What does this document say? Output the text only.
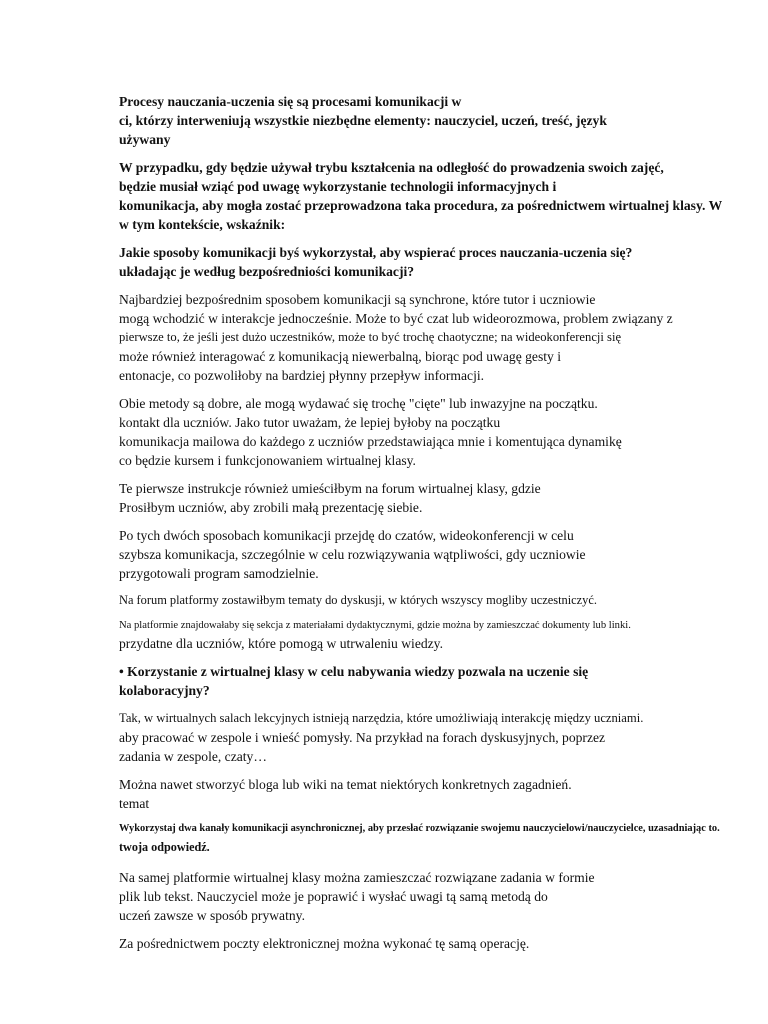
Procesy nauczania-uczenia się są procesami komunikacji w
ci, którzy interweniują wszystkie niezbędne elementy: nauczyciel, uczeń, treść, język
używany
W przypadku, gdy będzie używał trybu kształcenia na odległość do prowadzenia swoich zajęć,
będzie musiał wziąć pod uwagę wykorzystanie technologii informacyjnych i
komunikacja, aby mogła zostać przeprowadzona taka procedura, za pośrednictwem wirtualnej klasy. W
w tym kontekście, wskaźnik:
Jakie sposoby komunikacji byś wykorzystał, aby wspierać proces nauczania-uczenia się?
układając je według bezpośredniości komunikacji?
Najbardziej bezpośrednim sposobem komunikacji są synchrone, które tutor i uczniowie
mogą wchodzić w interakcje jednocześnie. Może to być czat lub wideorozmowa, problem związany z
pierwsze to, że jeśli jest dużo uczestników, może to być trochę chaotyczne; na wideokonferencji się
może również interagować z komunikacją niewerbalną, biorąc pod uwagę gesty i
entonacje, co pozwoliłoby na bardziej płynny przepływ informacji.
Obie metody są dobre, ale mogą wydawać się trochę "cięte" lub inwazyjne na początku.
kontakt dla uczniów. Jako tutor uważam, że lepiej byłoby na początku
komunikacja mailowa do każdego z uczniów przedstawiająca mnie i komentująca dynamikę
co będzie kursem i funkcjonowaniem wirtualnej klasy.
Te pierwsze instrukcje również umieściłbym na forum wirtualnej klasy, gdzie
Prosiłbym uczniów, aby zrobili małą prezentację siebie.
Po tych dwóch sposobach komunikacji przejdę do czatów, wideokonferencji w celu
szybsza komunikacja, szczególnie w celu rozwiązywania wątpliwości, gdy uczniowie
przygotowali program samodzielnie.
Na forum platformy zostawiłbym tematy do dyskusji, w których wszyscy mogliby uczestniczyć.
Na platformie znajdowałaby się sekcja z materiałami dydaktycznymi, gdzie można by zamieszczać dokumenty lub linki.
przydatne dla uczniów, które pomogą w utrwaleniu wiedzy.
• Korzystanie z wirtualnej klasy w celu nabywania wiedzy pozwala na uczenie się
kolaboracyjny?
Tak, w wirtualnych salach lekcyjnych istnieją narzędzia, które umożliwiają interakcję między uczniami.
aby pracować w zespole i wnieść pomysły. Na przykład na forach dyskusyjnych, poprzez
zadania w zespole, czaty…
Można nawet stworzyć bloga lub wiki na temat niektórych konkretnych zagadnień.
temat
Wykorzystaj dwa kanały komunikacji asynchronicznej, aby przesłać rozwiązanie swojemu nauczycielowi/nauczycielce, uzasadniając to.
twoja odpowiedź.
Na samej platformie wirtualnej klasy można zamieszczać rozwiązane zadania w formie
plik lub tekst. Nauczyciel może je poprawić i wysłać uwagi tą samą metodą do
uczeń zawsze w sposób prywatny.
Za pośrednictwem poczty elektronicznej można wykonać tę samą operację.
